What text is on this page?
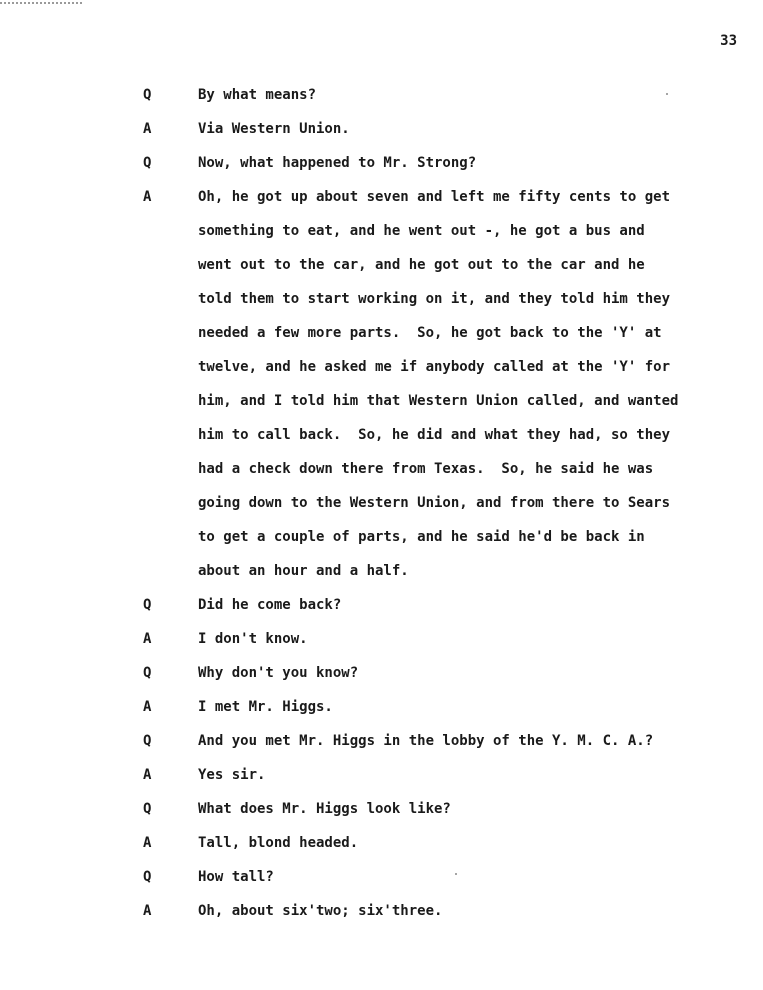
33
Q	By what means?
A	Via Western Union.
Q	Now, what happened to Mr. Strong?
A	Oh, he got up about seven and left me fifty cents to get
something to eat, and he went out -, he got a bus and
went out to the car, and he got out to the car and he
told them to start working on it, and they told him they
needed a few more parts.  So, he got back to the 'Y' at
twelve, and he asked me if anybody called at the 'Y' for
him, and I told him that Western Union called, and wanted
him to call back.  So, he did and what they had, so they
had a check down there from Texas.  So, he said he was
going down to the Western Union, and from there to Sears
to get a couple of parts, and he said he'd be back in
about an hour and a half.
Q	Did he come back?
A	I don't know.
Q	Why don't you know?
A	I met Mr. Higgs.
Q	And you met Mr. Higgs in the lobby of the Y. M. C. A.?
A	Yes sir.
Q	What does Mr. Higgs look like?
A	Tall, blond headed.
Q	How tall?
A	Oh, about six'two; six'three.
